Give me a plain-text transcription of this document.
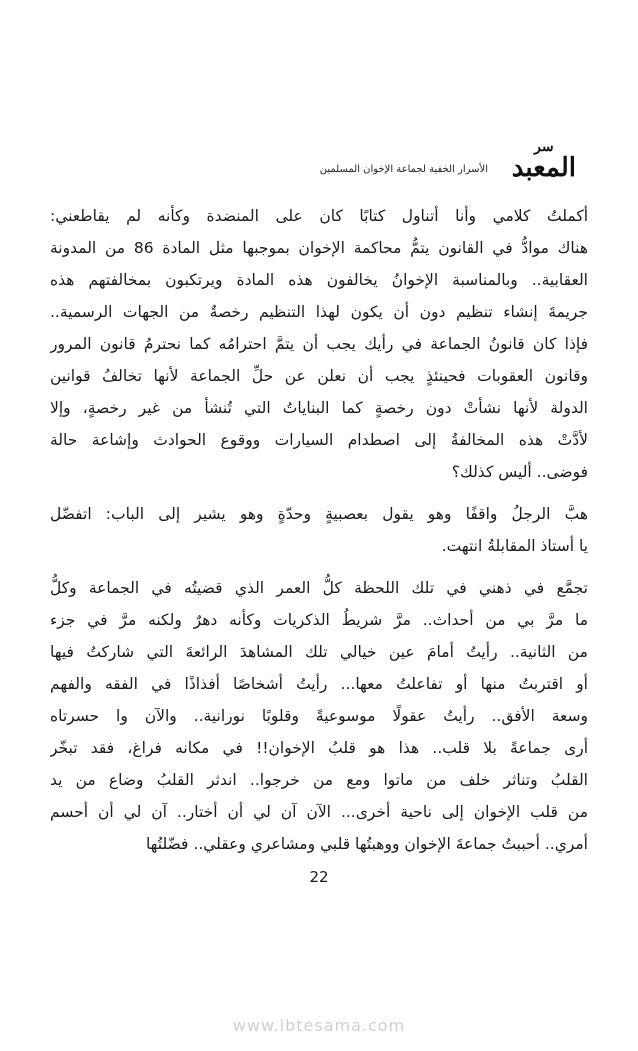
سر
المعبد
الأسرار الخفية لجماعة الإخوان المسلمين
أكملتُ كلامي وأنا أتناول كتابًا كان على المنضدة وكأنه لم يقاطعني:
هناك موادُّ في القانون يتمُّ محاكمة الإخوان بموجبها مثل المادة 86 من المدونة
العقابية.. وبالمناسبة الإخوانُ يخالفون هذه المادة ويرتكبون بمخالفتهم هذه
جريمةَ إنشاء تنظيم دون أن يكون لهذا التنظيم رخصةٌ من الجهات الرسمية..
فإذا كان قانونُ الجماعة في رأيك يجب أن يتمَّ احترامُه كما نحترمُ قانون المرور
وقانون العقوبات فحينئذٍ يجب أن نعلن عن حلِّ الجماعة لأنها تخالفُ قوانين
الدولة لأنها نشأتْ دون رخصةٍ كما البناياتُ التي تُنشأ من غير رخصةٍ، وإلا
لأدَّتْ هذه المخالفةُ إلى اصطدام السيارات ووقوع الحوادث وإشاعة حالة
فوضى.. أليس كذلك؟
هبَّ الرجلُ واقفًا وهو يقول بعصبيةٍ وحدّةٍ وهو يشير إلى الباب: اتفضّل
يا أستاذ المقابلةُ انتهت.
تجمَّع في ذهني في تلك اللحظة كلُّ العمر الذي قضيتُه في الجماعة وكلُّ
ما مرَّ بي من أحداث.. مرَّ شريطُ الذكريات وكأنه دهرٌ ولكنه مرَّ في جزء
من الثانية.. رأيتُ أمامَ عين خيالي تلك المشاهدَ الرائعةَ التي شاركتُ فيها
أو اقتربتُ منها أو تفاعلتُ معها... رأيتُ أشخاصًا أفذاذًا في الفقه والفهم
وسعة الأفق.. رأيتُ عقولًا موسوعيةً وقلوبًا نورانية.. والآن وا حسرتاه
أرى جماعةً بلا قلب.. هذا هو قلبُ الإخوان!! في مكانه فراغ، فقد تبخّر
القلبُ وتناثر خلف من ماتوا ومع من خرجوا.. اندثر القلبُ وضاع من يد
من قلب الإخوان إلى ناحية أخرى... الآن آن لي أن أختار.. آن لي أن أحسم
أمري.. أحببتُ جماعةَ الإخوان ووهبتُها قلبي ومشاعري وعقلي.. فضّلتُها
22
www.ibtesama.com
